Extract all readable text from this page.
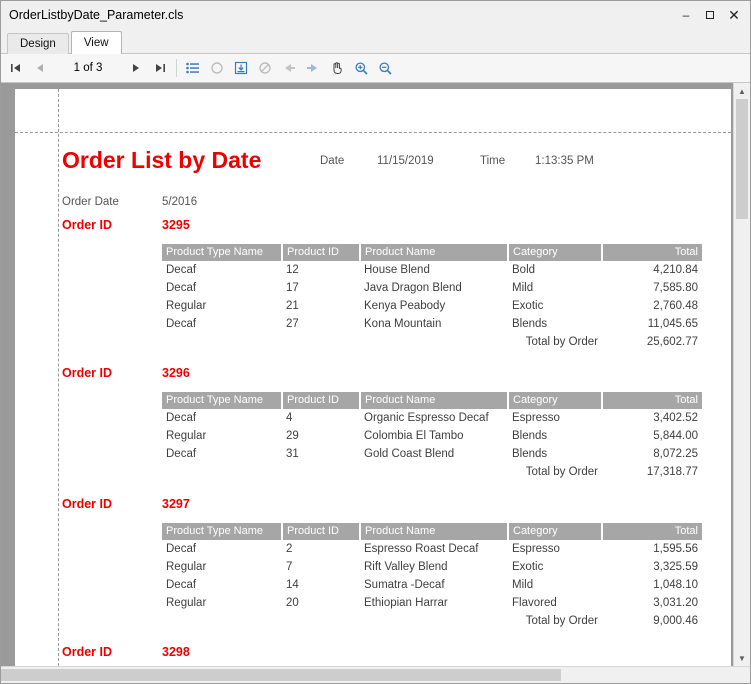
OrderListbyDate_Parameter.cls	–	✕
Design	View
1 of 3
Order List by Date	Date	11/15/2019	Time	1:13:35 PM
Order Date	5/2016
Order ID	3295
Product Type Name	Product ID	Product Name	Category	Total
Decaf	12	House Blend	Bold	4,210.84
Decaf	17	Java Dragon Blend	Mild	7,585.80
Regular	21	Kenya Peabody	Exotic	2,760.48
Decaf	27	Kona Mountain	Blends	11,045.65
		Total by Order		25,602.77
Order ID	3296
Product Type Name	Product ID	Product Name	Category	Total
Decaf	4	Organic Espresso Decaf	Espresso	3,402.52
Regular	29	Colombia El Tambo	Blends	5,844.00
Decaf	31	Gold Coast Blend	Blends	8,072.25
		Total by Order		17,318.77
Order ID	3297
Product Type Name	Product ID	Product Name	Category	Total
Decaf	2	Espresso Roast Decaf	Espresso	1,595.56
Regular	7	Rift Valley Blend	Exotic	3,325.59
Decaf	14	Sumatra -Decaf	Mild	1,048.10
Regular	20	Ethiopian Harrar	Flavored	3,031.20
		Total by Order		9,000.46
Order ID	3298
▲
▼
